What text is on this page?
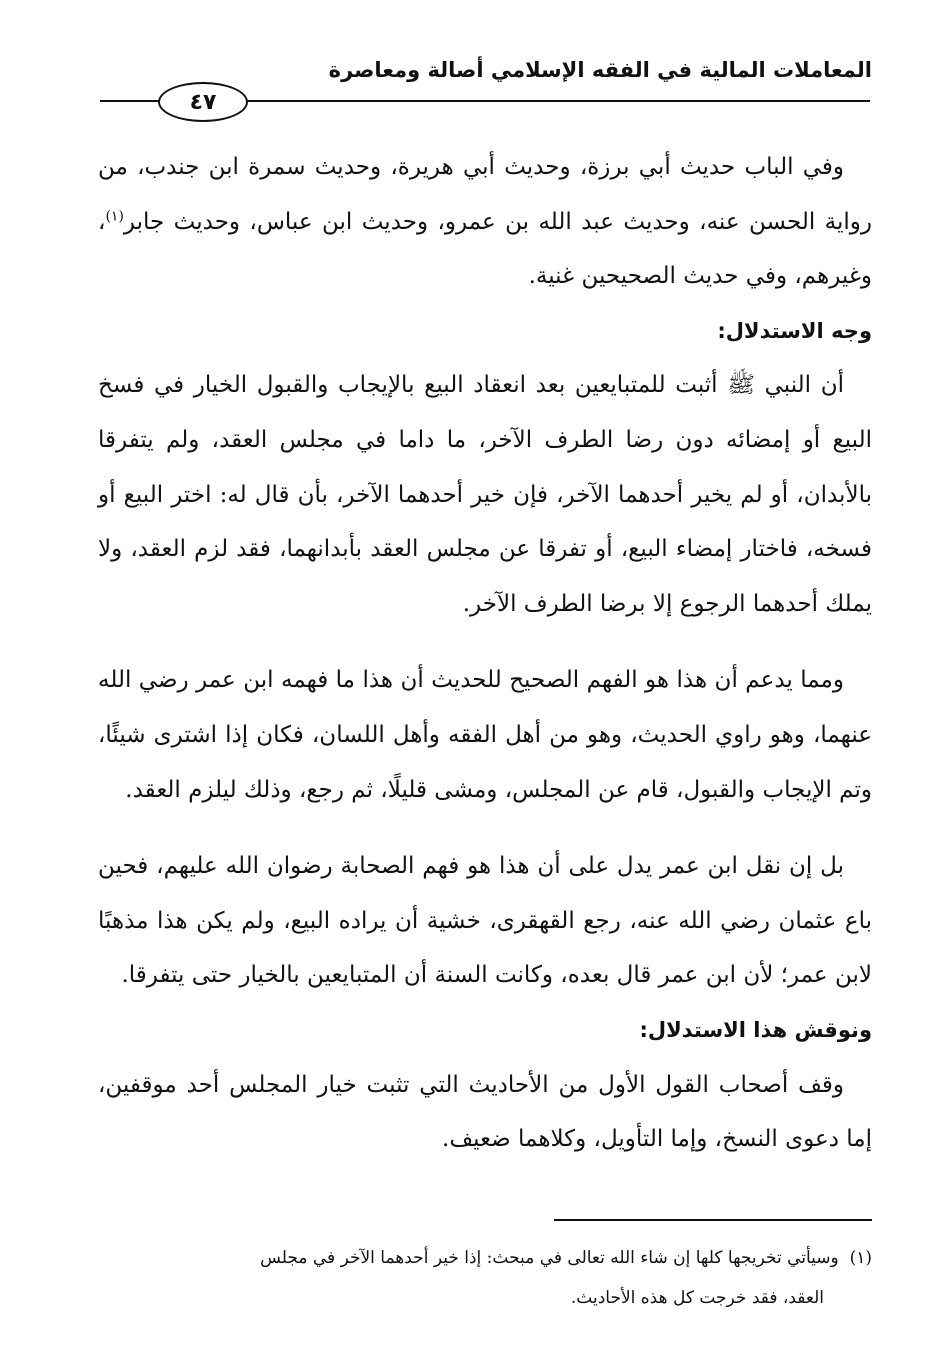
المعاملات المالية في الفقه الإسلامي أصالة ومعاصرة
٤٧

وفي الباب حديث أبي برزة، وحديث أبي هريرة، وحديث سمرة ابن جندب، من رواية الحسن عنه، وحديث عبد الله بن عمرو، وحديث ابن عباس، وحديث جابر$^{(١)}$، وغيرهم، وفي حديث الصحيحين غنية.

وجه الاستدلال:

أن النبي ﷺ أثبت للمتبايعين بعد انعقاد البيع بالإيجاب والقبول الخيار في فسخ البيع أو إمضائه دون رضا الطرف الآخر، ما داما في مجلس العقد، ولم يتفرقا بالأبدان، أو لم يخير أحدهما الآخر، فإن خير أحدهما الآخر، بأن قال له: اختر البيع أو فسخه، فاختار إمضاء البيع، أو تفرقا عن مجلس العقد بأبدانهما، فقد لزم العقد، ولا يملك أحدهما الرجوع إلا برضا الطرف الآخر.

ومما يدعم أن هذا هو الفهم الصحيح للحديث أن هذا ما فهمه ابن عمر رضي الله عنهما، وهو راوي الحديث، وهو من أهل الفقه وأهل اللسان، فكان إذا اشترى شيئًا، وتم الإيجاب والقبول، قام عن المجلس، ومشى قليلًا، ثم رجع، وذلك ليلزم العقد.

بل إن نقل ابن عمر يدل على أن هذا هو فهم الصحابة رضوان الله عليهم، فحين باع عثمان رضي الله عنه، رجع القهقرى، خشية أن يراده البيع، ولم يكن هذا مذهبًا لابن عمر؛ لأن ابن عمر قال بعده، وكانت السنة أن المتبايعين بالخيار حتى يتفرقا.

ونوقش هذا الاستدلال:

وقف أصحاب القول الأول من الأحاديث التي تثبت خيار المجلس أحد موقفين، إما دعوى النسخ، وإما التأويل، وكلاهما ضعيف.

(١)  وسيأتي تخريجها كلها إن شاء الله تعالى في مبحث: إذا خير أحدهما الآخر في مجلس
العقد، فقد خرجت كل هذه الأحاديث.
